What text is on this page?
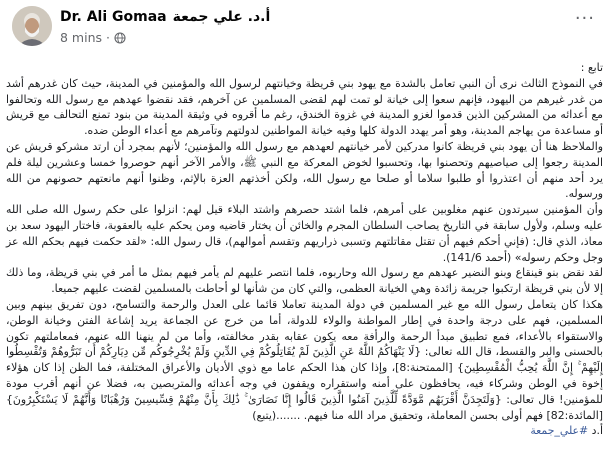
Dr. Ali Gomaa أ.د. علي جمعة
8 mins ·
···

تابع :

في النموذج الثالث نرى أن النبي تعامل بالشدة مع يهود بني قريظة وخيانتهم لرسول الله والمؤمنين في المدينة، حيث كان غدرهم أشد من غدر غيرهم من اليهود، فإنهم سعوا إلى خيانة لو تمت لهم لقضى المسلمين عن آخرهم، فقد نقضوا عهدهم مع رسول الله وتحالفوا مع أعدائه من المشركين الذين قدموا لغزو المدينة في غزوة الخندق، رغم ما أقروه في وثيقة المدينة من بنود تمنع التحالف مع قريش أو مساعدة من يهاجم المدينة، وهو أمر يهدد الدولة كلها وفيه خيانة المواطنين لدولتهم وتآمرهم مع أعداء الوطن ضده.

والملاحظ هنا أن يهود بني قريظة كانوا مدركين لأمر خيانتهم لعهدهم مع رسول الله والمؤمنين؛ لأنهم بمجرد أن ارتد مشركو قريش عن المدينة رجعوا إلى صياصيهم وتحصنوا بها، وتحسبوا لخوض المعركة مع النبي ﷺ، والأمر الآخر أنهم حوصروا خمسا وعشرين ليلة فلم يرد أحد منهم أن اعتذروا أو طلبوا سلاما أو صلحا مع رسول الله، ولكن أخذتهم العزة بالإثم، وظنوا أنهم مانعتهم حصونهم من الله ورسوله.

وأن المؤمنين سيرتدون عنهم مغلوبين على أمرهم، فلما اشتد حصرهم واشتد البلاء قيل لهم: انزلوا على حكم رسول الله صلى الله عليه وسلم، ولأول سابقة في التاريخ يصاحب السلطان المجرم والخائن أن يختار قاضيه ومن يحكم عليه بالعقوبة، فاختار اليهود سعد بن معاذ، الذي قال: (فإني أحكم فيهم أن تقتل مقاتلتهم وتسبى ذراريهم وتقسم أموالهم)، قال رسول الله: «لقد حكمت فيهم بحكم الله عز وجل وحكم رسوله» (أحمد 141/6).

لقد نقض بنو قينقاع وبنو النضير عهدهم مع رسول الله وحاربوه، فلما انتصر عليهم لم يأمر فيهم بمثل ما أمر في بني قريظة، وما ذلك إلا لأن بني قريظة ارتكبوا جريمة زائدة وهي الخيانة العظمى، والتي كان من شأنها لو أحاطت بالمسلمين لقضت عليهم جميعا.

هكذا كان يتعامل رسول الله مع غير المسلمين في دولة المدينة تعاملا قائما على العدل والرحمة والتسامح، دون تفريق بينهم وبين المسلمين، فهم على درجة واحدة في إطار المواطنة والولاء للدولة، أما من خرج عن الجماعة يريد إشاعة الفتن وخيانة الوطن، والاستقواء بالأعداء، فمع تطبيق مبدأ الرحمة والرأفة معه يكون عقابه بقدر مخالفته، وأما من لم ينهنا الله عنهم، فمعاملتهم تكون بالحسنى والبر والقسط، قال الله تعالى: {لَا يَنْهَاكُمُ اللَّهُ عَنِ الَّذِينَ لَمْ يُقَاتِلُوكُمْ فِي الدِّينِ وَلَمْ يُخْرِجُوكُم مِّن دِيَارِكُمْ أَن تَبَرُّوهُمْ وَتُقْسِطُوا إِلَيْهِمْ ۚ إِنَّ اللَّهَ يُحِبُّ الْمُقْسِطِينَ} [الممتحنة:8]، وإذا كان هذا الحكم عاما مع ذوي الأديان والأعراق المختلفة، فما الظن إذا كان هؤلاء إخوة في الوطن وشركاء فيه، يحافظون على أمنه واستقراره ويقفون في وجه أعدائه والمتربصين به، فضلا عن أنهم أقرب مودة للمؤمنين! قال تعالى: {وَلَتَجِدَنَّ أَقْرَبَهُم مَّوَدَّةً لِّلَّذِينَ آمَنُوا الَّذِينَ قَالُوا إِنَّا نَصَارَىٰ ۚ ذَٰلِكَ بِأَنَّ مِنْهُمْ قِسِّيسِينَ وَرُهْبَانًا وَأَنَّهُمْ لَا يَسْتَكْبِرُونَ} [المائدة:82] فهم أولى بحسن المعاملة، وتحقيق مراد الله منا فيهم. .......(يتبع)

أ.د #علي_جمعة
